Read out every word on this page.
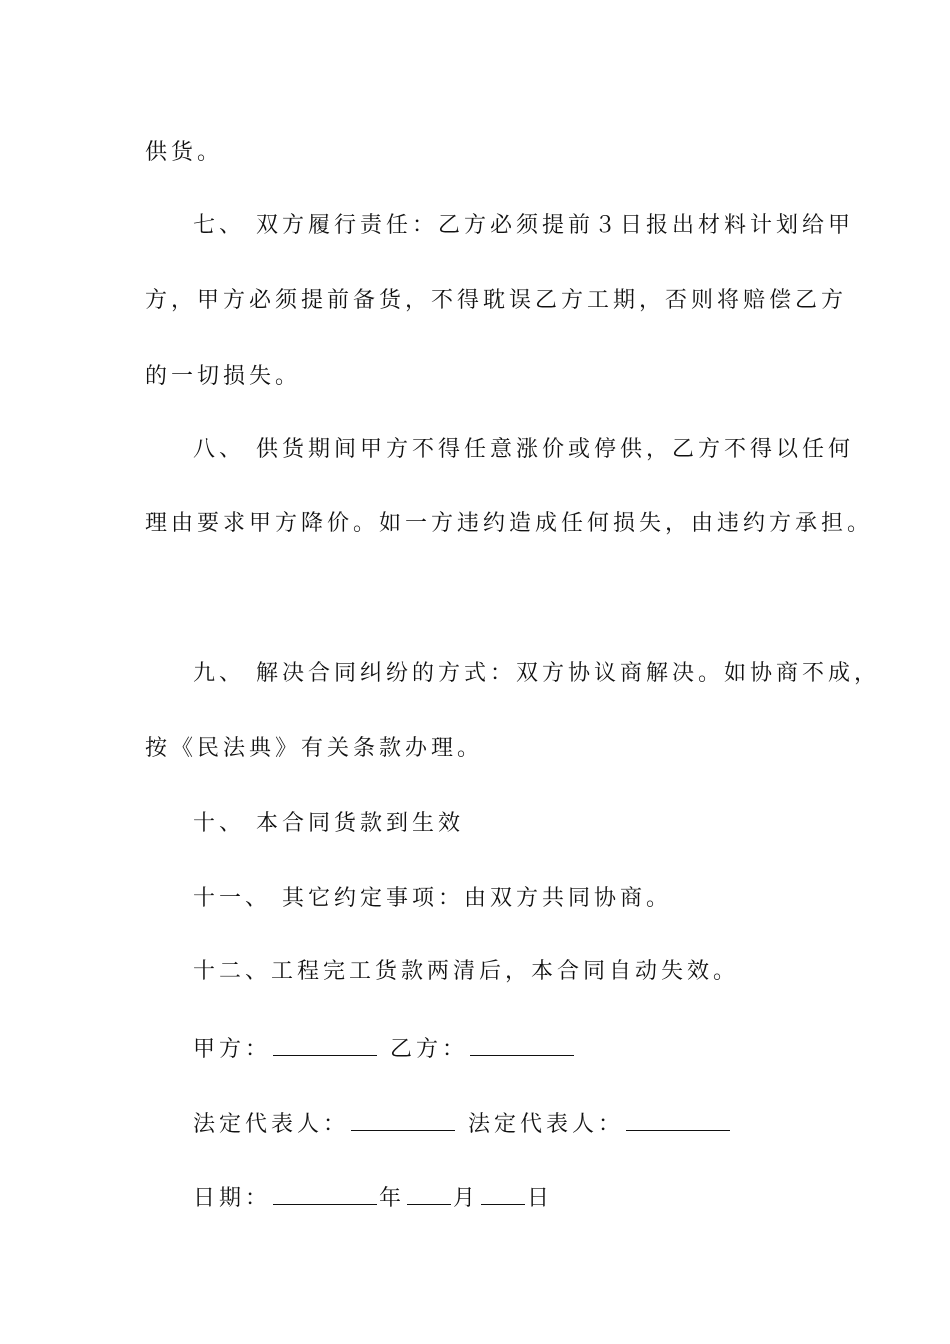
供货。
七、 双方履行责任：乙方必须提前３日报出材料计划给甲
方，甲方必须提前备货，不得耽误乙方工期，否则将赔偿乙方
的一切损失。
八、 供货期间甲方不得任意涨价或停供，乙方不得以任何
理由要求甲方降价。如一方违约造成任何损失，由违约方承担。
九、 解决合同纠纷的方式：双方协议商解决。如协商不成，
按《民法典》有关条款办理。
十、 本合同货款到生效
十一、 其它约定事项：由双方共同协商。
十二、工程完工货款两清后，本合同自动失效。
甲方：	乙方：
法定代表人：	法定代表人：
日期：	年 月 日
